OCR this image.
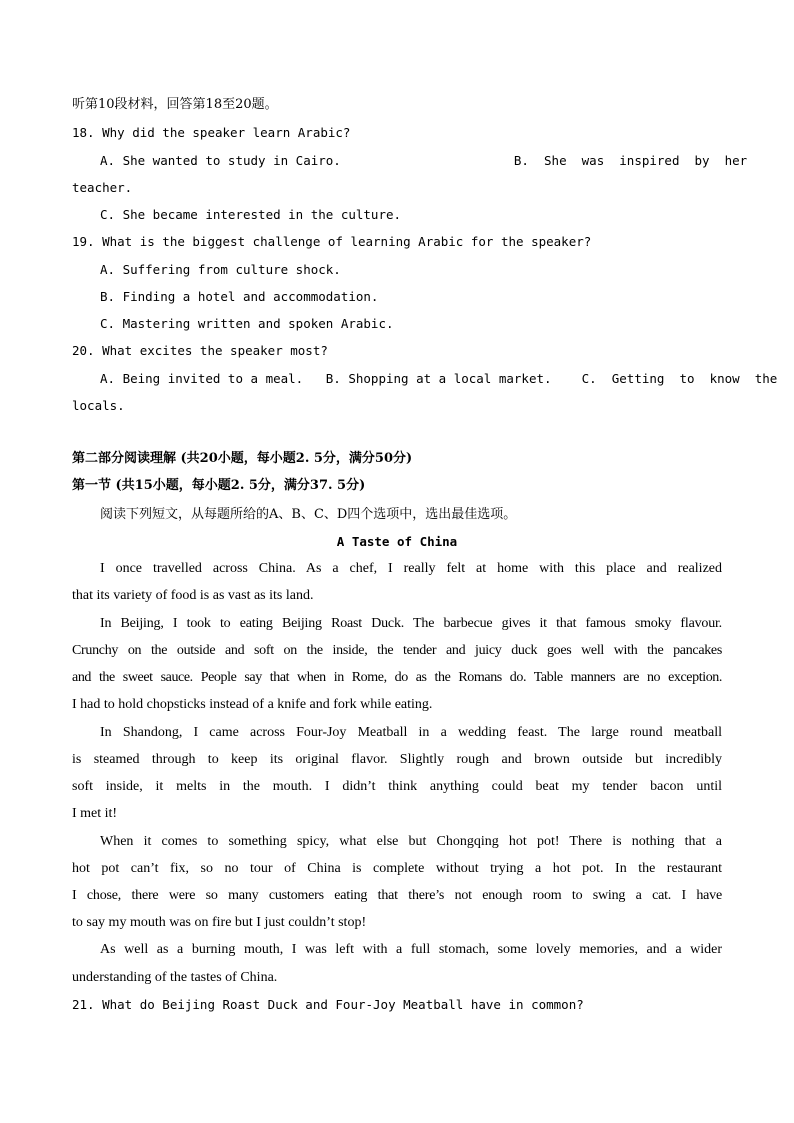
听第10段材料，回答第18至20题。
18. Why did the speaker learn Arabic?
A. She wanted to study in Cairo.                       B.  She  was  inspired  by  her
teacher.
C. She became interested in the culture.
19. What is the biggest challenge of learning Arabic for the speaker?
A. Suffering from culture shock.
B. Finding a hotel and accommodation.
C. Mastering written and spoken Arabic.
20. What excites the speaker most?
A. Being invited to a meal.   B. Shopping at a local market.    C.  Getting  to  know  the
locals.
第二部分阅读理解 (共20小题，每小题2. 5分，满分50分)
第一节 (共15小题，每小题2. 5分，满分37. 5分)
阅读下列短文，从每题所给的A、B、C、D四个选项中，选出最佳选项。
A Taste of China
I once travelled across China. As a chef, I really felt at home with this place and realized
that its variety of food is as vast as its land.
In Beijing, I took to eating Beijing Roast Duck. The barbecue gives it that famous smoky flavour.
Crunchy on the outside and soft on the inside, the tender and juicy duck goes well with the pancakes
and the sweet sauce. People say that when in Rome, do as the Romans do. Table manners are no exception.
I had to hold chopsticks instead of a knife and fork while eating.
In Shandong, I came across Four-Joy Meatball in a wedding feast. The large round meatball
is steamed through to keep its original flavor. Slightly rough and brown outside but incredibly
soft inside, it melts in the mouth. I didn’t think anything could beat my tender bacon until
I met it!
When it comes to something spicy, what else but Chongqing hot pot! There is nothing that a
hot pot can’t fix, so no tour of China is complete without trying a hot pot. In the restaurant
I chose, there were so many customers eating that there’s not enough room to swing a cat. I have
to say my mouth was on fire but I just couldn’t stop!
As well as a burning mouth, I was left with a full stomach, some lovely memories, and a wider
understanding of the tastes of China.
21. What do Beijing Roast Duck and Four-Joy Meatball have in common?
